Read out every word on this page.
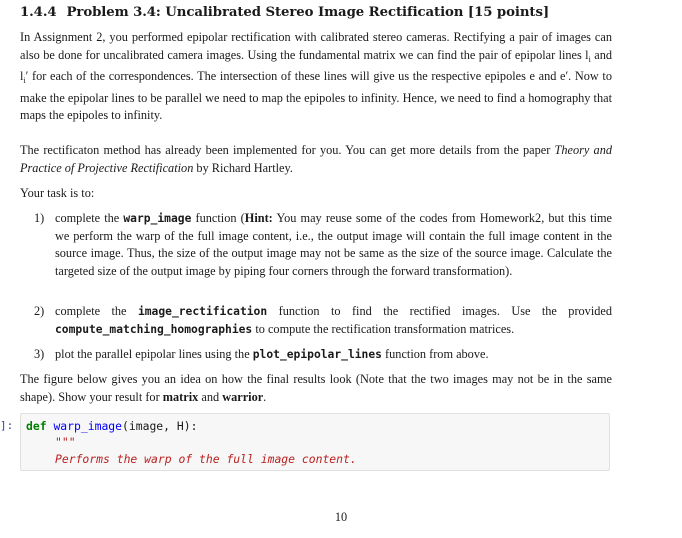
1.4.4 Problem 3.4: Uncalibrated Stereo Image Rectification [15 points]

In Assignment 2, you performed epipolar rectification with calibrated stereo cameras. Rectifying a pair of images can also be done for uncalibrated camera images. Using the fundamental matrix we can find the pair of epipolar lines $l_i$ and $l_i'$ for each of the correspondences. The intersection of these lines will give us the respective epipoles e and e′. Now to make the epipolar lines to be parallel we need to map the epipoles to infinity. Hence, we need to find a homography that maps the epipoles to infinity.

The rectificaton method has already been implemented for you. You can get more details from the paper Theory and Practice of Projective Rectification by Richard Hartley.

Your task is to:

1) complete the warp_image function (Hint: You may reuse some of the codes from Homework2, but this time we perform the warp of the full image content, i.e., the output image will contain the full image content in the source image. Thus, the size of the output image may not be same as the size of the source image. Calculate the targeted size of the output image by piping four corners through the forward transformation).
2) complete the image_rectification function to find the rectified images. Use the provided compute_matching_homographies to compute the rectification transformation matrices.
3) plot the parallel epipolar lines using the plot_epipolar_lines function from above.

The figure below gives you an idea on how the final results look (Note that the two images may not be in the same shape). Show your result for matrix and warrior.

]: def warp_image(image, H):
"""
Performs the warp of the full image content.
10
